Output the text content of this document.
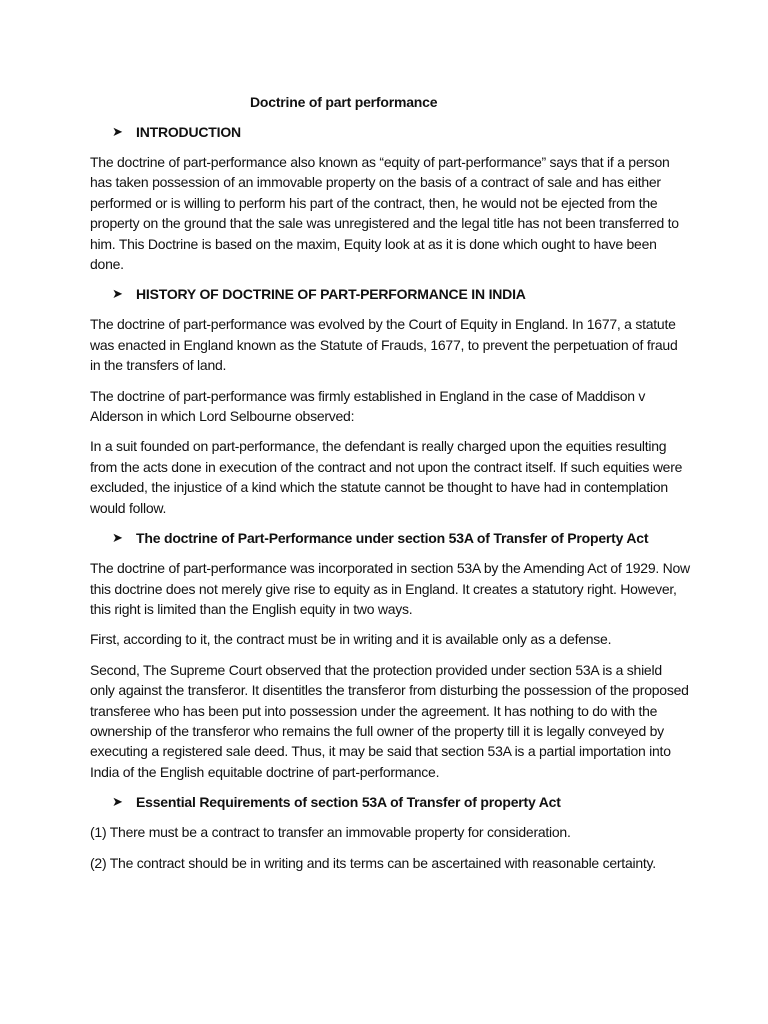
Doctrine of part performance
➤ INTRODUCTION

The doctrine of part-performance also known as “equity of part-performance” says that if a person has taken possession of an immovable property on the basis of a contract of sale and has either performed or is willing to perform his part of the contract, then, he would not be ejected from the property on the ground that the sale was unregistered and the legal title has not been transferred to him. This Doctrine is based on the maxim, Equity look at as it is done which ought to have been done.

➤ HISTORY OF DOCTRINE OF PART-PERFORMANCE IN INDIA

The doctrine of part-performance was evolved by the Court of Equity in England. In 1677, a statute was enacted in England known as the Statute of Frauds, 1677, to prevent the perpetuation of fraud in the transfers of land.

The doctrine of part-performance was firmly established in England in the case of Maddison v Alderson in which Lord Selbourne observed:

In a suit founded on part-performance, the defendant is really charged upon the equities resulting from the acts done in execution of the contract and not upon the contract itself. If such equities were excluded, the injustice of a kind which the statute cannot be thought to have had in contemplation would follow.

➤ The doctrine of Part-Performance under section 53A of Transfer of Property Act

The doctrine of part-performance was incorporated in section 53A by the Amending Act of 1929. Now this doctrine does not merely give rise to equity as in England. It creates a statutory right. However, this right is limited than the English equity in two ways.

First, according to it, the contract must be in writing and it is available only as a defense.

Second, The Supreme Court observed that the protection provided under section 53A is a shield only against the transferor. It disentitles the transferor from disturbing the possession of the proposed transferee who has been put into possession under the agreement. It has nothing to do with the ownership of the transferor who remains the full owner of the property till it is legally conveyed by executing a registered sale deed. Thus, it may be said that section 53A is a partial importation into India of the English equitable doctrine of part-performance.

➤ Essential Requirements of section 53A of Transfer of property Act

(1) There must be a contract to transfer an immovable property for consideration.

(2) The contract should be in writing and its terms can be ascertained with reasonable certainty.
